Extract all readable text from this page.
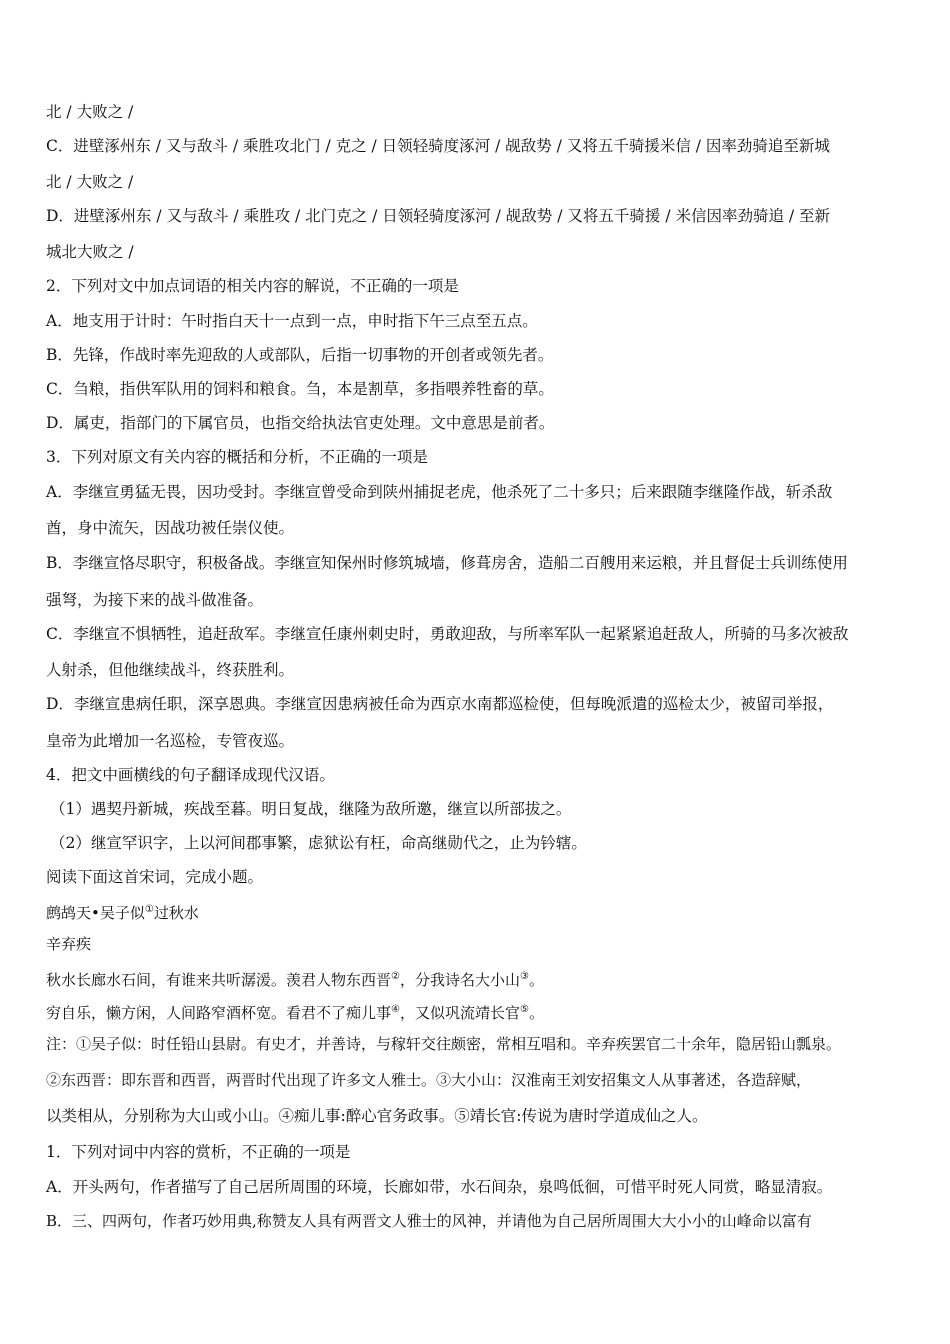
北 / 大败之 /

C．进壁涿州东 / 又与敌斗 / 乘胜攻北门 / 克之 / 日领轻骑度涿河 / 觇敌势 / 又将五千骑援米信 / 因率劲骑追至新城

北 / 大败之 /

D．进壁涿州东 / 又与敌斗 / 乘胜攻 / 北门克之 / 日领轻骑度涿河 / 觇敌势 / 又将五千骑援 / 米信因率劲骑追 / 至新

城北大败之 /

2．下列对文中加点词语的相关内容的解说，不正确的一项是

A．地支用于计时：午时指白天十一点到一点，申时指下午三点至五点。

B．先锋，作战时率先迎敌的人或部队，后指一切事物的开创者或领先者。

C．刍粮，指供军队用的饲料和粮食。刍，本是割草，多指喂养牲畜的草。

D．属吏，指部门的下属官员，也指交给执法官吏处理。文中意思是前者。

3．下列对原文有关内容的概括和分析，不正确的一项是

A．李继宣勇猛无畏，因功受封。李继宣曾受命到陕州捕捉老虎，他杀死了二十多只；后来跟随李继隆作战，斩杀敌

酋，身中流矢，因战功被任崇仪使。

B．李继宣恪尽职守，积极备战。李继宣知保州时修筑城墙，修葺房舍，造船二百艘用来运粮，并且督促士兵训练使用

强弩，为接下来的战斗做准备。

C．李继宣不惧牺牲，追赶敌军。李继宣任康州刺史时，勇敢迎敌，与所率军队一起紧紧追赶敌人，所骑的马多次被敌

人射杀，但他继续战斗，终获胜利。

D．李继宣患病任职，深享恩典。李继宣因患病被任命为西京水南都巡检使，但每晚派遣的巡检太少，被留司举报，

皇帝为此增加一名巡检，专管夜巡。

4．把文中画横线的句子翻译成现代汉语。

（1）遇契丹新城，疾战至暮。明日复战，继隆为敌所邀，继宣以所部拔之。

（2）继宣罕识字，上以河间郡事繁，虑狱讼有枉，命高继勋代之，止为钤辖。

阅读下面这首宋词，完成小题。

鹧鸪天•吴子似①过秋水

辛弃疾

秋水长廊水石间，有谁来共听潺湲。羡君人物东西晋②，分我诗名大小山③。

穷自乐，懒方闲，人间路窄酒杯宽。看君不了痴儿事④，又似巩流靖长官⑤。

注：①吴子似：时任铅山县尉。有史才，并善诗，与稼轩交往颇密，常相互唱和。辛弃疾罢官二十余年，隐居铅山瓢泉。

②东西晋：即东晋和西晋，两晋时代出现了许多文人雅士。③大小山：汉淮南王刘安招集文人从事著述，各造辞赋，

以类相从，分别称为大山或小山。④痴儿事:醉心官务政事。⑤靖长官:传说为唐时学道成仙之人。

1．下列对词中内容的赏析，不正确的一项是

A．开头两句，作者描写了自己居所周围的环境，长廊如带，水石间杂，泉鸣低徊，可惜平时死人同赏，略显清寂。

B．三、四两句，作者巧妙用典,称赞友人具有两晋文人雅士的风神，并请他为自己居所周围大大小小的山峰命以富有
